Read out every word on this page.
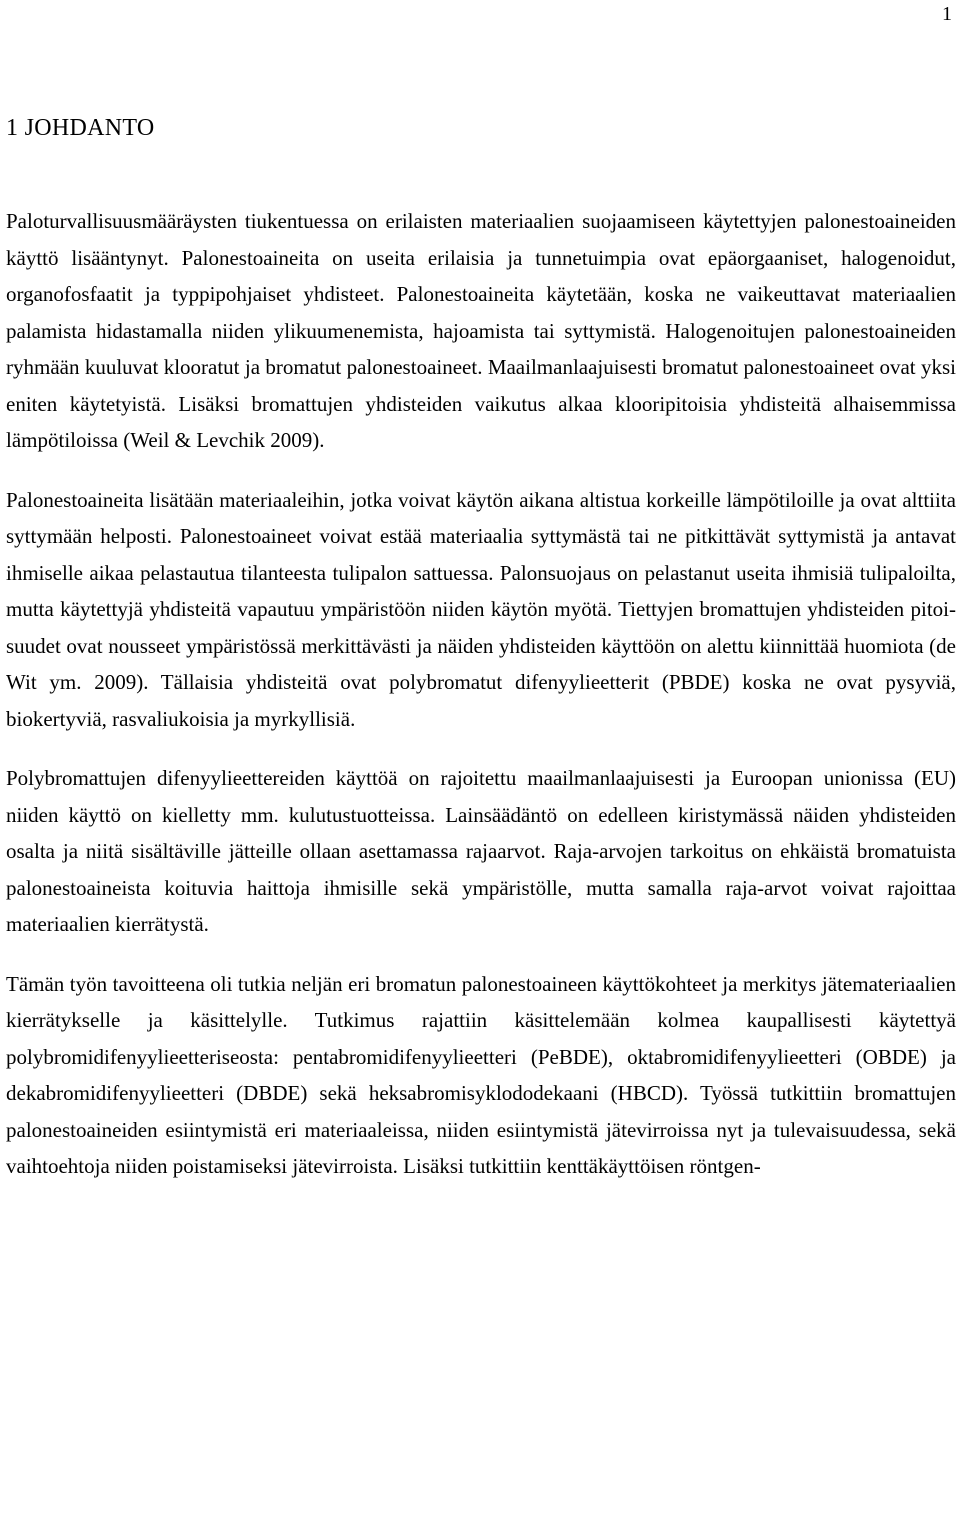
1
1 JOHDANTO

Paloturvallisuusmääräysten tiukentuessa on erilaisten materiaalien suojaamiseen käytettyjen palonestoaineiden käyttö lisääntynyt. Palonestoaineita on useita erilaisia ja tunnetuimpia ovat epäorgaaniset, halogenoidut, organofosfaatit ja typpipohjaiset yhdisteet. Palonestoaineita käytetään, koska ne vaikeuttavat materiaalien palamista hidastamalla niiden ylikuumenemista, hajoamista tai syttymistä. Halogenoitujen palonestoaineiden ryhmään kuuluvat klooratut ja bromatut palonestoaineet. Maailmanlaajuisesti bromatut palonestoaineet ovat yksi eniten käytetyistä. Lisäksi bromattujen yhdisteiden vaikutus alkaa klooripitoisia yhdisteitä alhaisemmissa lämpötiloissa (Weil & Levchik 2009).

Palonestoaineita lisätään materiaaleihin, jotka voivat käytön aikana altistua korkeille lämpötiloille ja ovat alttiita syttymään helposti. Palonestoaineet voivat estää materiaalia syttymästä tai ne pitkittävät syttymistä ja antavat ihmiselle aikaa pelastautua tilanteesta tulipalon sattuessa. Palonsuojaus on pelastanut useita ihmisiä tulipaloilta, mutta käytettyjä yhdisteitä vapautuu ympäristöön niiden käytön myötä. Tiettyjen bromattujen yhdisteiden pitoisuudet ovat nousseet ympäristössä merkittävästi ja näiden yhdisteiden käyttöön on alettu kiinnittää huomiota (de Wit ym. 2009). Tällaisia yhdisteitä ovat polybromatut difenyylieetterit (PBDE) koska ne ovat pysyviä, biokertyviä, rasvaliukoisia ja myrkyllisiä.

Polybromattujen difenyylieettereiden käyttöä on rajoitettu maailmanlaajuisesti ja Euroopan unionissa (EU) niiden käyttö on kielletty mm. kulutustuotteissa. Lainsäädäntö on edelleen kiristymässä näiden yhdisteiden osalta ja niitä sisältäville jätteille ollaan asettamassa rajaarvot. Raja-arvojen tarkoitus on ehkäistä bromatuista palonestoaineista koituvia haittoja ihmisille sekä ympäristölle, mutta samalla raja-arvot voivat rajoittaa materiaalien kierrätystä.

Tämän työn tavoitteena oli tutkia neljän eri bromatun palonestoaineen käyttökohteet ja merkitys jätemateriaalien kierrätykselle ja käsittelylle. Tutkimus rajattiin käsittelemään kolmea kaupallisesti käytettyä polybromidifenyylieetteriseosta: pentabromidifenyylieetteri (PeBDE), oktabromidifenyylieetteri (OBDE) ja dekabromidifenyylieetteri (DBDE) sekä heksabromisyklododekaani (HBCD). Työssä tutkittiin bromattujen palonestoaineiden esiintymistä eri materiaaleissa, niiden esiintymistä jätevirroissa nyt ja tulevaisuudessa, sekä vaihtoehtoja niiden poistamiseksi jätevirroista. Lisäksi tutkittiin kenttäkäyttöisen röntgen-
